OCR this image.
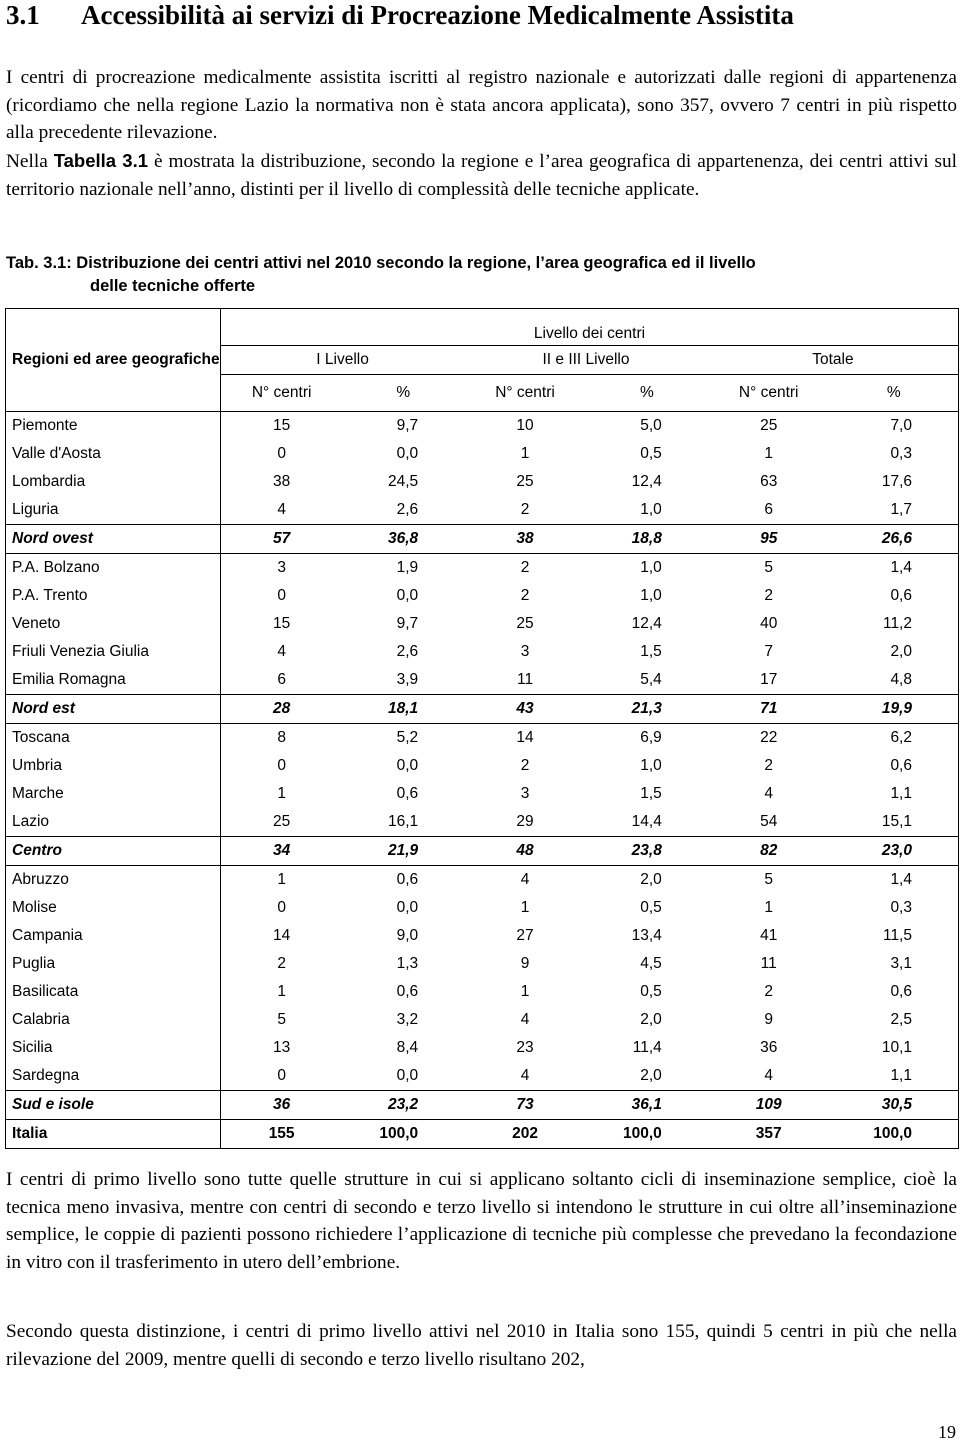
3.1 Accessibilità ai servizi di Procreazione Medicalmente Assistita
I centri di procreazione medicalmente assistita iscritti al registro nazionale e autorizzati dalle regioni di appartenenza (ricordiamo che nella regione Lazio la normativa non è stata ancora applicata), sono 357, ovvero 7 centri in più rispetto alla precedente rilevazione.
Nella Tabella 3.1 è mostrata la distribuzione, secondo la regione e l’area geografica di appartenenza, dei centri attivi sul territorio nazionale nell’anno, distinti per il livello di complessità delle tecniche applicate.
Tab. 3.1: Distribuzione dei centri attivi nel 2010 secondo la regione, l’area geografica ed il livello
delle tecniche offerte
Regioni ed aree geografiche	Livello dei centri					
	I Livello		II e III Livello		Totale	
	N° centri	%	N° centri	%	N° centri	%
Piemonte	15	9,7	10	5,0	25	7,0
Valle d'Aosta	0	0,0	1	0,5	1	0,3
Lombardia	38	24,5	25	12,4	63	17,6
Liguria	4	2,6	2	1,0	6	1,7
Nord ovest	57	36,8	38	18,8	95	26,6
P.A. Bolzano	3	1,9	2	1,0	5	1,4
P.A. Trento	0	0,0	2	1,0	2	0,6
Veneto	15	9,7	25	12,4	40	11,2
Friuli Venezia Giulia	4	2,6	3	1,5	7	2,0
Emilia Romagna	6	3,9	11	5,4	17	4,8
Nord est	28	18,1	43	21,3	71	19,9
Toscana	8	5,2	14	6,9	22	6,2
Umbria	0	0,0	2	1,0	2	0,6
Marche	1	0,6	3	1,5	4	1,1
Lazio	25	16,1	29	14,4	54	15,1
Centro	34	21,9	48	23,8	82	23,0
Abruzzo	1	0,6	4	2,0	5	1,4
Molise	0	0,0	1	0,5	1	0,3
Campania	14	9,0	27	13,4	41	11,5
Puglia	2	1,3	9	4,5	11	3,1
Basilicata	1	0,6	1	0,5	2	0,6
Calabria	5	3,2	4	2,0	9	2,5
Sicilia	13	8,4	23	11,4	36	10,1
Sardegna	0	0,0	4	2,0	4	1,1
Sud e isole	36	23,2	73	36,1	109	30,5
Italia	155	100,0	202	100,0	357	100,0
I centri di primo livello sono tutte quelle strutture in cui si applicano soltanto cicli di inseminazione semplice, cioè la tecnica meno invasiva, mentre con centri di secondo e terzo livello si intendono le strutture in cui oltre all’inseminazione semplice, le coppie di pazienti possono richiedere l’applicazione di tecniche più complesse che prevedano la fecondazione in vitro con il trasferimento in utero dell’embrione.
Secondo questa distinzione, i centri di primo livello attivi nel 2010 in Italia sono 155, quindi 5 centri in più che nella rilevazione del 2009, mentre quelli di secondo e terzo livello risultano 202,
19
